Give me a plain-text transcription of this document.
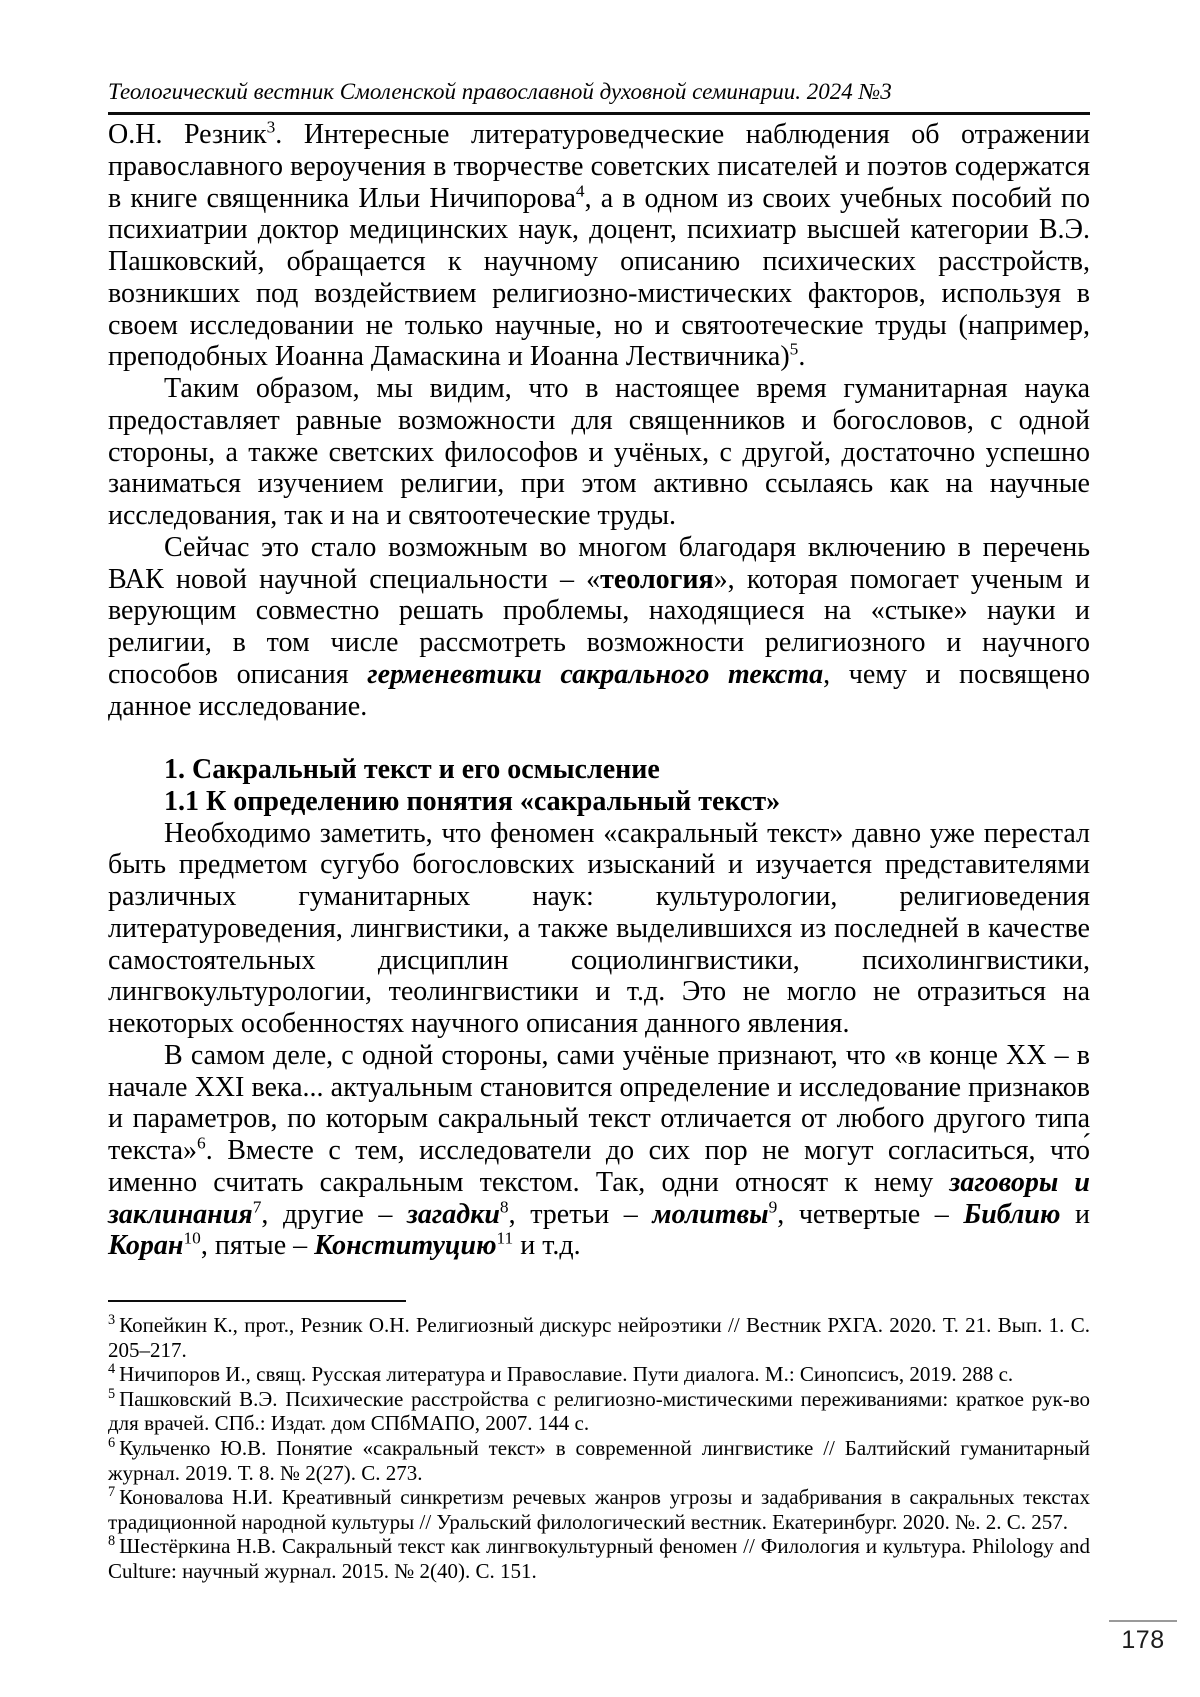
Теологический вестник Смоленской православной духовной семинарии. 2024 №3

О.Н. Резник$^3$. Интересные литературоведческие наблюдения об отражении православного вероучения в творчестве советских писателей и поэтов содержатся в книге священника Ильи Ничипорова$^4$, а в одном из своих учебных пособий по психиатрии доктор медицинских наук, доцент, психиатр высшей категории В.Э. Пашковский, обращается к научному описанию психических расстройств, возникших под воздействием религиозно-мистических факторов, используя в своем исследовании не только научные, но и святоотеческие труды (например, преподобных Иоанна Дамаскина и Иоанна Лествичника)$^5$.

Таким образом, мы видим, что в настоящее время гуманитарная наука предоставляет равные возможности для священников и богословов, с одной стороны, а также светских философов и учёных, с другой, достаточно успешно заниматься изучением религии, при этом активно ссылаясь как на научные исследования, так и на и святоотеческие труды.

Сейчас это стало возможным во многом благодаря включению в перечень ВАК новой научной специальности – «теология», которая помогает ученым и верующим совместно решать проблемы, находящиеся на «стыке» науки и религии, в том числе рассмотреть возможности религиозного и научного способов описания герменевтики сакрального текста, чему и посвящено данное исследование.

1. Сакральный текст и его осмысление

1.1 К определению понятия «сакральный текст»

Необходимо заметить, что феномен «сакральный текст» давно уже перестал быть предметом сугубо богословских изысканий и изучается представителями различных гуманитарных наук: культурологии, религиоведения литературоведения, лингвистики, а также выделившихся из последней в качестве самостоятельных дисциплин социолингвистики, психолингвистики, лингвокультурологии, теолингвистики и т.д. Это не могло не отразиться на некоторых особенностях научного описания данного явления.

В самом деле, с одной стороны, сами учёные признают, что «в конце XX – в начале XXI века... актуальным становится определение и исследование признаков и параметров, по которым сакральный текст отличается от любого другого типа текста»$^6$. Вместе с тем, исследователи до сих пор не могут согласиться, что́ именно считать сакральным текстом. Так, одни относят к нему заговоры и заклинания$^7$, другие – загадки$^8$, третьи – молитвы$^9$, четвертые – Библию и Коран$^{10}$, пятые – Конституцию$^{11}$ и т.д.

$^3$ Копейкин К., прот., Резник О.Н. Религиозный дискурс нейроэтики // Вестник РХГА. 2020. Т. 21. Вып. 1. С. 205–217.

$^4$ Ничипоров И., свящ. Русская литература и Православие. Пути диалога. М.: Синопсисъ, 2019. 288 с.

$^5$ Пашковский В.Э. Психические расстройства с религиозно-мистическими переживаниями: краткое рук-во для врачей. СПб.: Издат. дом СПбМАПО, 2007. 144 с.

$^6$ Кульченко Ю.В. Понятие «сакральный текст» в современной лингвистике // Балтийский гуманитарный журнал. 2019. Т. 8. № 2(27). С. 273.

$^7$ Коновалова Н.И. Креативный синкретизм речевых жанров угрозы и задабривания в сакральных текстах традиционной народной культуры // Уральский филологический вестник. Екатеринбург. 2020. №. 2. С. 257.

$^8$ Шестёркина Н.В. Сакральный текст как лингвокультурный феномен // Филология и культура. Philology and Culture: научный журнал. 2015. № 2(40). С. 151.

178
